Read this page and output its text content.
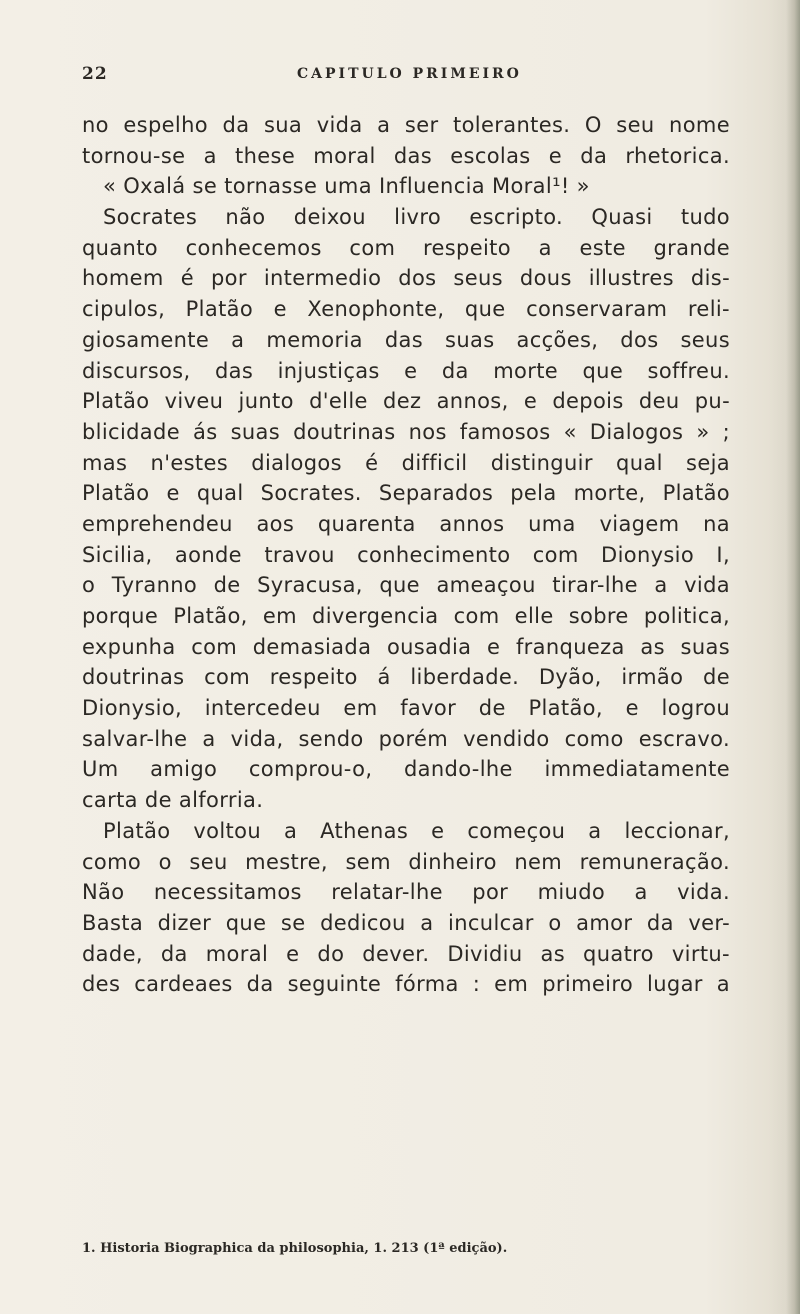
22	CAPITULO PRIMEIRO
no espelho da sua vida a ser tolerantes. O seu nome
tornou-se a these moral das escolas e da rhetorica.
« Oxalá se tornasse uma Influencia Moral¹! »
Socrates não deixou livro escripto. Quasi tudo
quanto conhecemos com respeito a este grande
homem é por intermedio dos seus dous illustres dis-
cipulos, Platão e Xenophonte, que conservaram reli-
giosamente a memoria das suas acções, dos seus
discursos, das injustiças e da morte que soffreu.
Platão viveu junto d'elle dez annos, e depois deu pu-
blicidade ás suas doutrinas nos famosos « Dialogos » ;
mas n'estes dialogos é difficil distinguir qual seja
Platão e qual Socrates. Separados pela morte, Platão
emprehendeu aos quarenta annos uma viagem na
Sicilia, aonde travou conhecimento com Dionysio I,
o Tyranno de Syracusa, que ameaçou tirar-lhe a vida
porque Platão, em divergencia com elle sobre politica,
expunha com demasiada ousadia e franqueza as suas
doutrinas com respeito á liberdade. Dyão, irmão de
Dionysio, intercedeu em favor de Platão, e logrou
salvar-lhe a vida, sendo porém vendido como escravo.
Um amigo comprou-o, dando-lhe immediatamente
carta de alforria.
Platão voltou a Athenas e começou a leccionar,
como o seu mestre, sem dinheiro nem remuneração.
Não necessitamos relatar-lhe por miudo a vida.
Basta dizer que se dedicou a inculcar o amor da ver-
dade, da moral e do dever. Dividiu as quatro virtu-
des cardeaes da seguinte fórma : em primeiro lugar a
1. Historia Biographica da philosophia, 1. 213 (1ª edição).
